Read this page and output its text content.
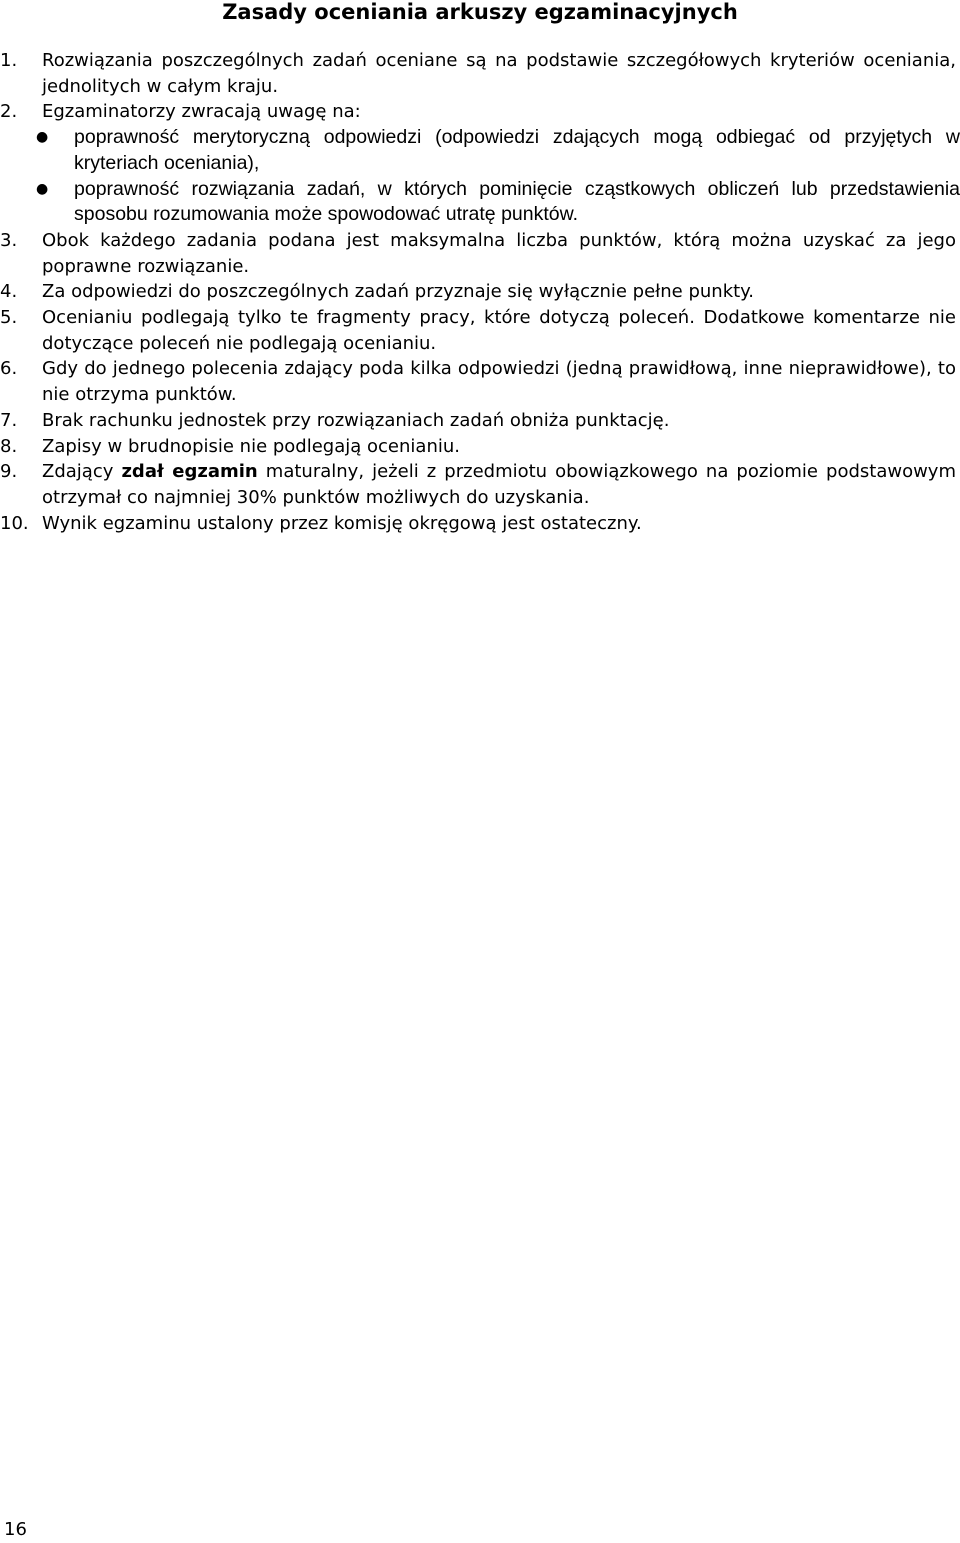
Zasady oceniania arkuszy egzaminacyjnych
1. Rozwiązania poszczególnych zadań oceniane są na podstawie szczegółowych kryteriów oceniania, jednolitych w całym kraju.
2. Egzaminatorzy zwracają uwagę na:
● poprawność merytoryczną odpowiedzi (odpowiedzi zdających mogą odbiegać od przyjętych w kryteriach oceniania),
● poprawność rozwiązania zadań, w których pominięcie cząstkowych obliczeń lub przedstawienia sposobu rozumowania może spowodować utratę punktów.
3. Obok każdego zadania podana jest maksymalna liczba punktów, którą można uzyskać za jego poprawne rozwiązanie.
4. Za odpowiedzi do poszczególnych zadań przyznaje się wyłącznie pełne punkty.
5. Ocenianiu podlegają tylko te fragmenty pracy, które dotyczą poleceń. Dodatkowe komentarze nie dotyczące poleceń nie podlegają ocenianiu.
6. Gdy do jednego polecenia zdający poda kilka odpowiedzi (jedną prawidłową, inne nieprawidłowe), to nie otrzyma punktów.
7. Brak rachunku jednostek przy rozwiązaniach zadań obniża punktację.
8. Zapisy w brudnopisie nie podlegają ocenianiu.
9. Zdający zdał egzamin maturalny, jeżeli z przedmiotu obowiązkowego na poziomie podstawowym otrzymał co najmniej 30% punktów możliwych do uzyskania.
10. Wynik egzaminu ustalony przez komisję okręgową jest ostateczny.
16
